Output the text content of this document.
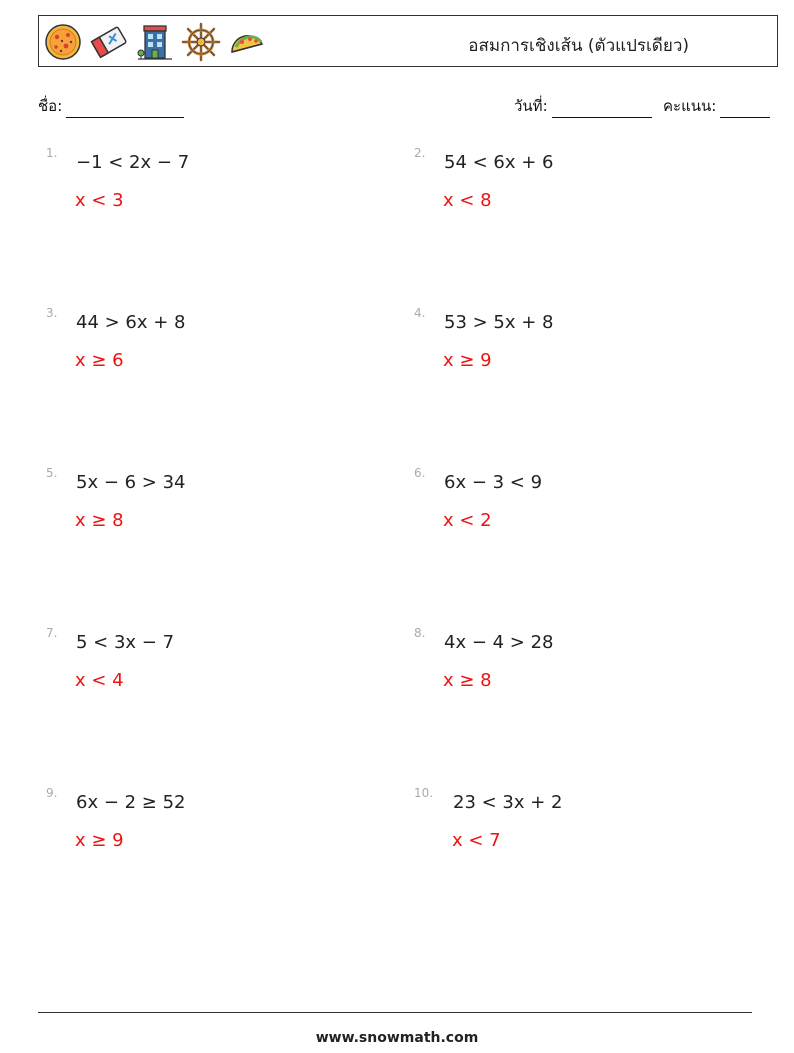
อสมการเชิงเส้น (ตัวแปรเดียว)
ชื่อ:	วันที่:	คะแนน:
1. −1 < 2x − 7
x < 3
2. 54 < 6x + 6
x < 8
3. 44 > 6x + 8
x ≥ 6
4. 53 > 5x + 8
x ≥ 9
5. 5x − 6 > 34
x ≥ 8
6. 6x − 3 < 9
x < 2
7. 5 < 3x − 7
x < 4
8. 4x − 4 > 28
x ≥ 8
9. 6x − 2 ≥ 52
x ≥ 9
10. 23 < 3x + 2
x < 7
www.snowmath.com
